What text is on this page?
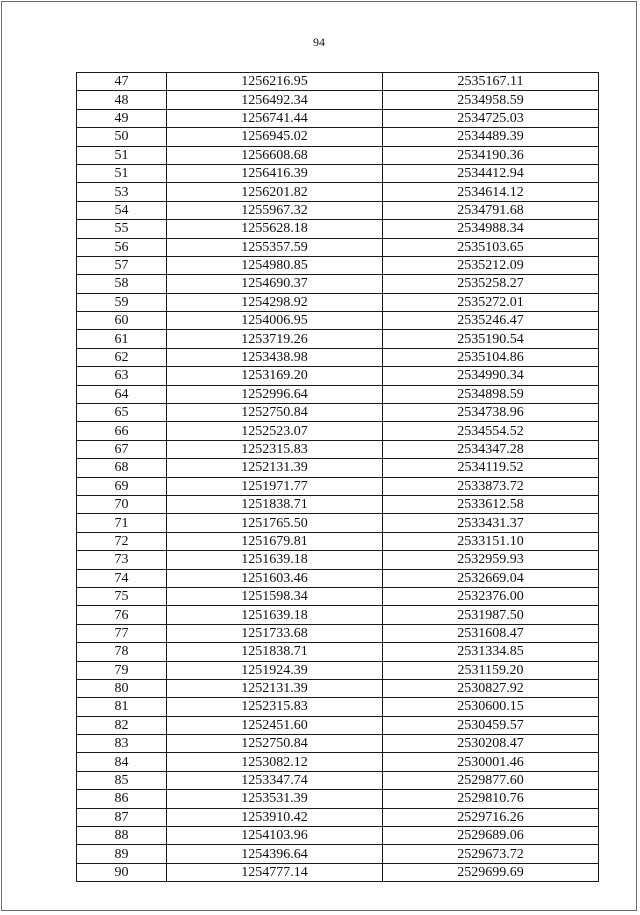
94
47	1256216.95	2535167.11
48	1256492.34	2534958.59
49	1256741.44	2534725.03
50	1256945.02	2534489.39
51	1256608.68	2534190.36
51	1256416.39	2534412.94
53	1256201.82	2534614.12
54	1255967.32	2534791.68
55	1255628.18	2534988.34
56	1255357.59	2535103.65
57	1254980.85	2535212.09
58	1254690.37	2535258.27
59	1254298.92	2535272.01
60	1254006.95	2535246.47
61	1253719.26	2535190.54
62	1253438.98	2535104.86
63	1253169.20	2534990.34
64	1252996.64	2534898.59
65	1252750.84	2534738.96
66	1252523.07	2534554.52
67	1252315.83	2534347.28
68	1252131.39	2534119.52
69	1251971.77	2533873.72
70	1251838.71	2533612.58
71	1251765.50	2533431.37
72	1251679.81	2533151.10
73	1251639.18	2532959.93
74	1251603.46	2532669.04
75	1251598.34	2532376.00
76	1251639.18	2531987.50
77	1251733.68	2531608.47
78	1251838.71	2531334.85
79	1251924.39	2531159.20
80	1252131.39	2530827.92
81	1252315.83	2530600.15
82	1252451.60	2530459.57
83	1252750.84	2530208.47
84	1253082.12	2530001.46
85	1253347.74	2529877.60
86	1253531.39	2529810.76
87	1253910.42	2529716.26
88	1254103.96	2529689.06
89	1254396.64	2529673.72
90	1254777.14	2529699.69
